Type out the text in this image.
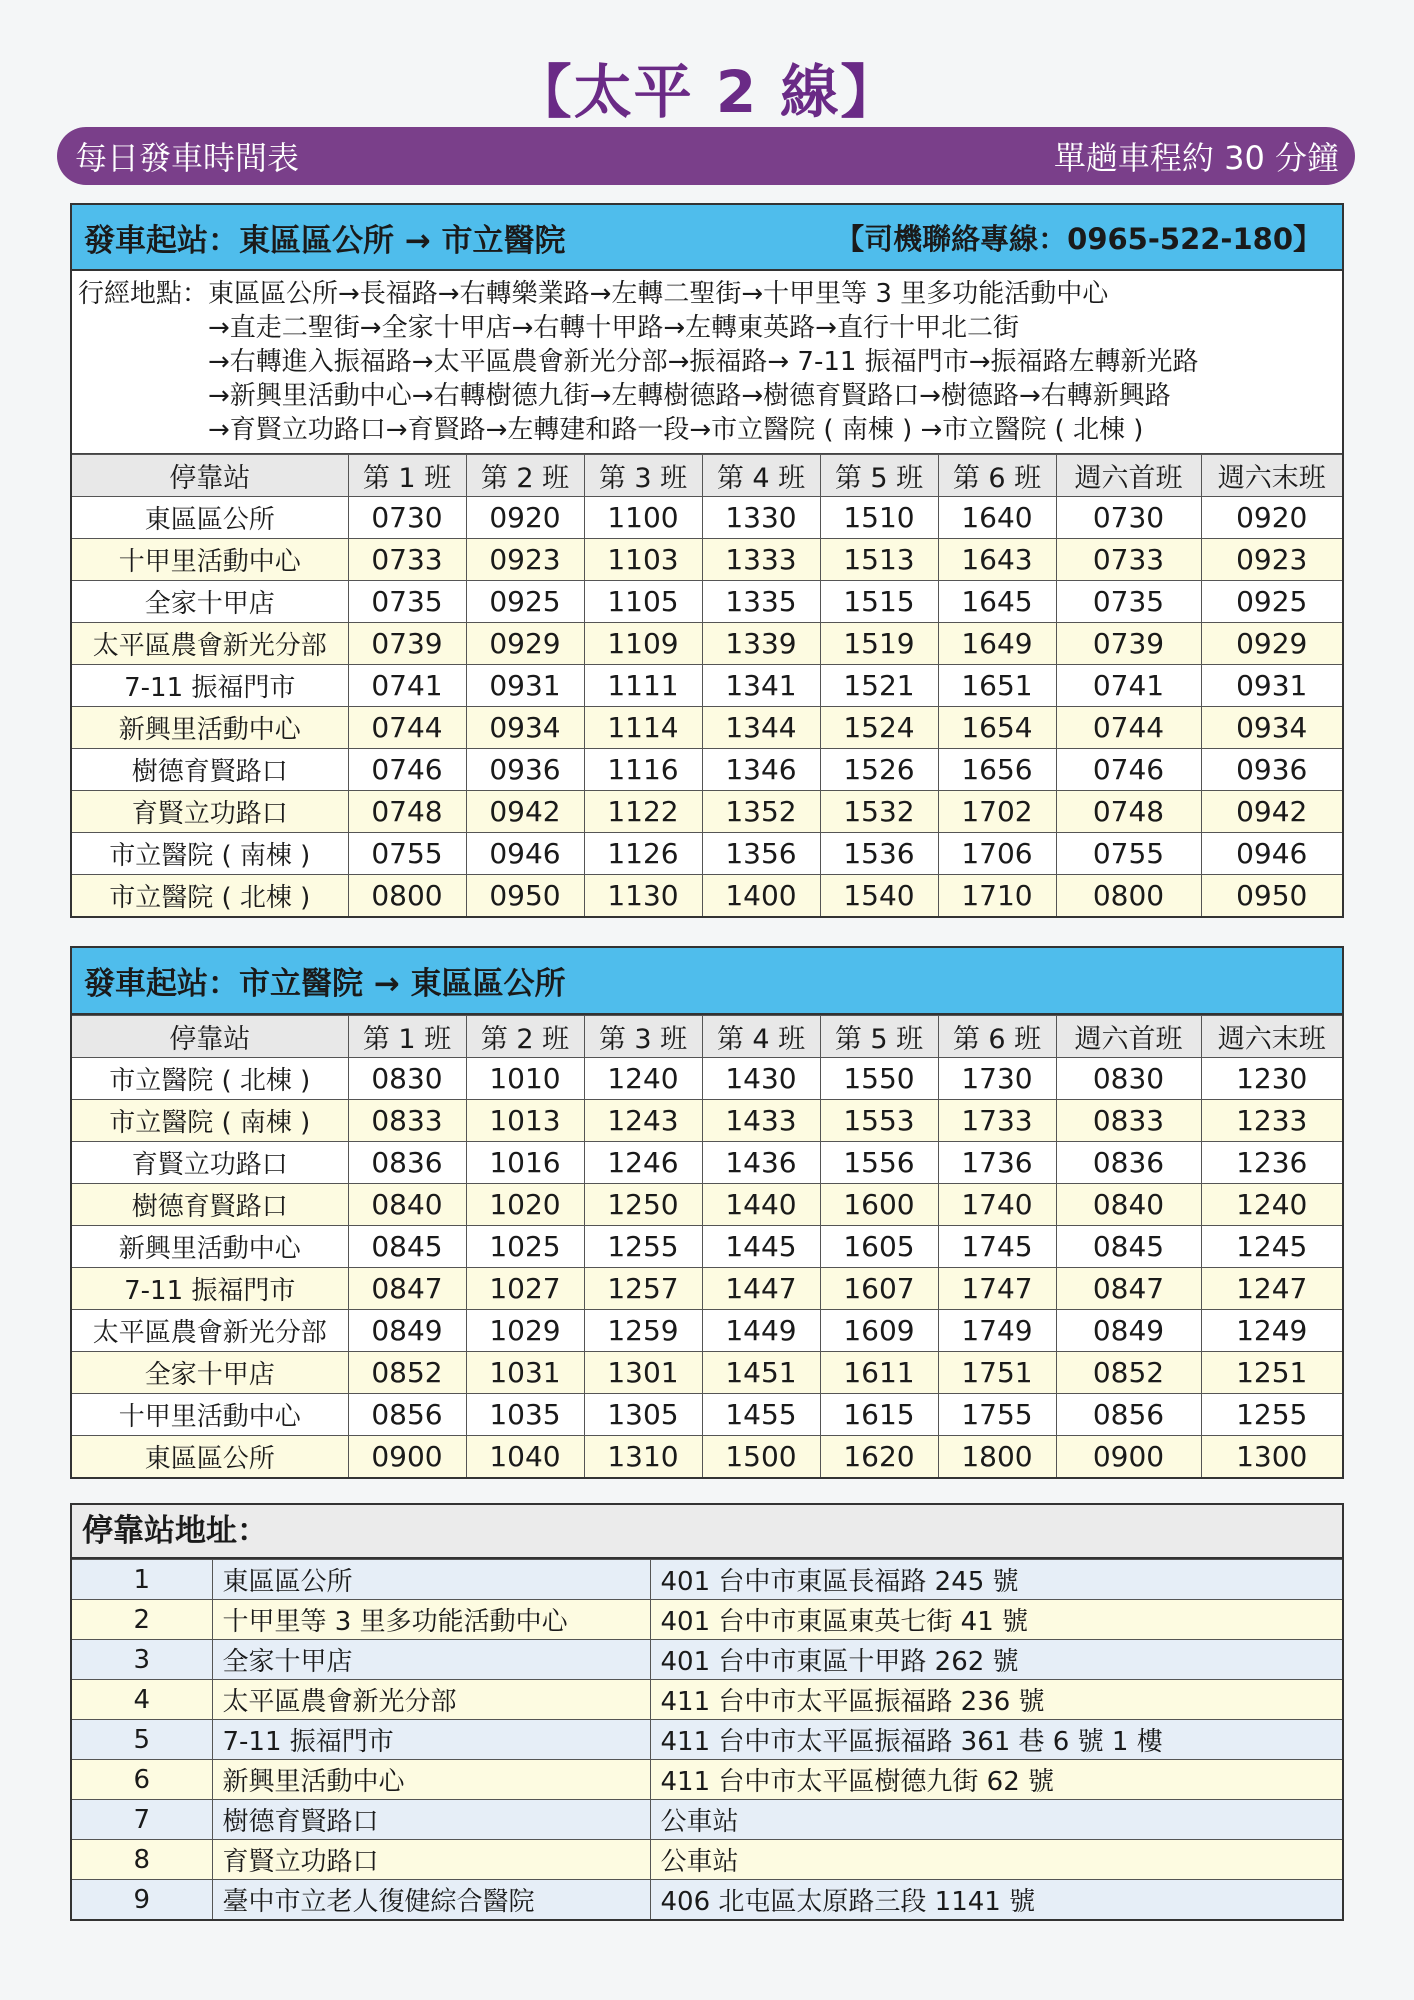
【太平 2 線】
每日發車時間表	單趟車程約 30 分鐘
發車起站：東區區公所 → 市立醫院	【司機聯絡專線：0965-522-180】
行經地點： 東區區公所→長福路→右轉樂業路→左轉二聖街→十甲里等 3 里多功能活動中心
→直走二聖街→全家十甲店→右轉十甲路→左轉東英路→直行十甲北二街
→右轉進入振福路→太平區農會新光分部→振福路→ 7-11 振福門市→振福路左轉新光路
→新興里活動中心→右轉樹德九街→左轉樹德路→樹德育賢路口→樹德路→右轉新興路
→育賢立功路口→育賢路→左轉建和路一段→市立醫院 ( 南棟 ) →市立醫院 ( 北棟 )
停靠站	第 1 班	第 2 班	第 3 班	第 4 班	第 5 班	第 6 班	週六首班	週六末班
東區區公所	0730	0920	1100	1330	1510	1640	0730	0920
十甲里活動中心	0733	0923	1103	1333	1513	1643	0733	0923
全家十甲店	0735	0925	1105	1335	1515	1645	0735	0925
太平區農會新光分部	0739	0929	1109	1339	1519	1649	0739	0929
7-11 振福門市	0741	0931	1111	1341	1521	1651	0741	0931
新興里活動中心	0744	0934	1114	1344	1524	1654	0744	0934
樹德育賢路口	0746	0936	1116	1346	1526	1656	0746	0936
育賢立功路口	0748	0942	1122	1352	1532	1702	0748	0942
市立醫院 ( 南棟 )	0755	0946	1126	1356	1536	1706	0755	0946
市立醫院 ( 北棟 )	0800	0950	1130	1400	1540	1710	0800	0950
發車起站：市立醫院 → 東區區公所
停靠站	第 1 班	第 2 班	第 3 班	第 4 班	第 5 班	第 6 班	週六首班	週六末班
市立醫院 ( 北棟 )	0830	1010	1240	1430	1550	1730	0830	1230
市立醫院 ( 南棟 )	0833	1013	1243	1433	1553	1733	0833	1233
育賢立功路口	0836	1016	1246	1436	1556	1736	0836	1236
樹德育賢路口	0840	1020	1250	1440	1600	1740	0840	1240
新興里活動中心	0845	1025	1255	1445	1605	1745	0845	1245
7-11 振福門市	0847	1027	1257	1447	1607	1747	0847	1247
太平區農會新光分部	0849	1029	1259	1449	1609	1749	0849	1249
全家十甲店	0852	1031	1301	1451	1611	1751	0852	1251
十甲里活動中心	0856	1035	1305	1455	1615	1755	0856	1255
東區區公所	0900	1040	1310	1500	1620	1800	0900	1300
停靠站地址：
1	東區區公所	401 台中市東區長福路 245 號
2	十甲里等 3 里多功能活動中心	401 台中市東區東英七街 41 號
3	全家十甲店	401 台中市東區十甲路 262 號
4	太平區農會新光分部	411 台中市太平區振福路 236 號
5	7-11 振福門市	411 台中市太平區振福路 361 巷 6 號 1 樓
6	新興里活動中心	411 台中市太平區樹德九街 62 號
7	樹德育賢路口	公車站
8	育賢立功路口	公車站
9	臺中市立老人復健綜合醫院	406 北屯區太原路三段 1141 號
